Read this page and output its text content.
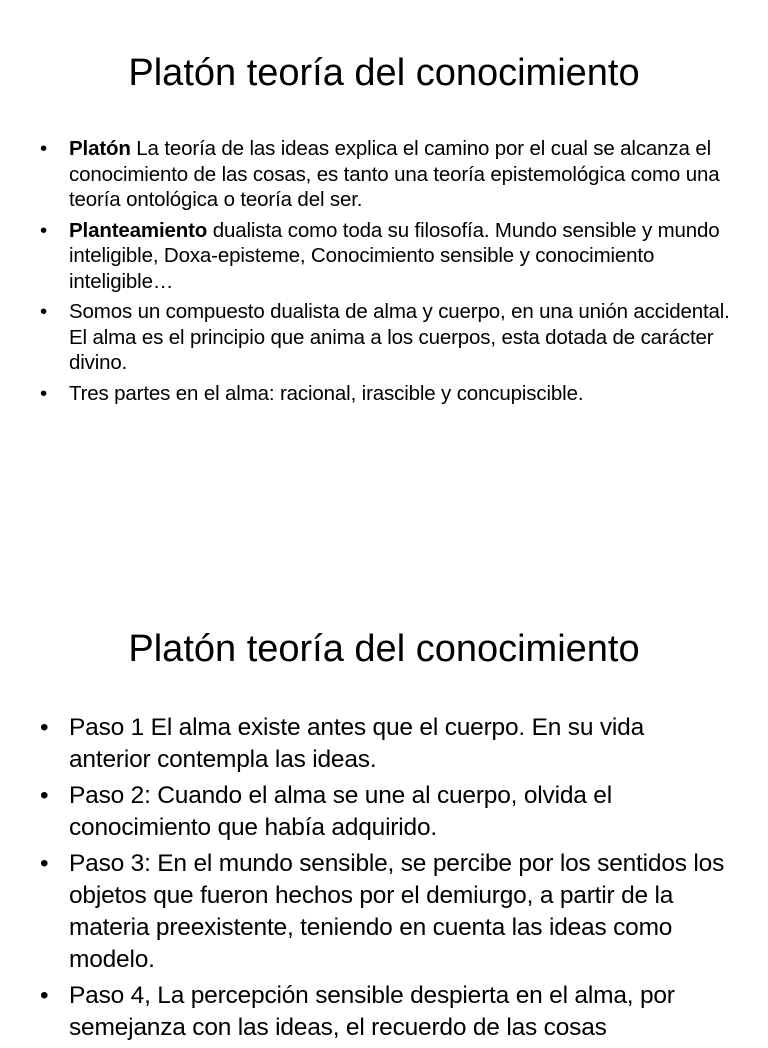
Platón teoría del conocimiento
• Platón La teoría de las ideas explica el camino por el cual se alcanza el conocimiento de las cosas, es tanto una teoría epistemológica como una teoría ontológica o teoría del ser.
• Planteamiento dualista como toda su filosofía. Mundo sensible y mundo inteligible, Doxa-episteme, Conocimiento sensible y conocimiento inteligible…
• Somos un compuesto dualista de alma y cuerpo, en una unión accidental. El alma es el principio que anima a los cuerpos, esta dotada de carácter divino.
• Tres partes en el alma: racional, irascible y concupiscible.
Platón teoría del conocimiento
• Paso 1 El alma existe antes que el cuerpo. En su vida anterior contempla las ideas.
• Paso 2: Cuando el alma se une al cuerpo, olvida el conocimiento que había adquirido.
• Paso 3: En el mundo sensible, se percibe por los sentidos los objetos que fueron hechos por el demiurgo, a partir de la materia preexistente, teniendo en cuenta las ideas como modelo.
• Paso 4, La percepción sensible despierta en el alma, por semejanza con las ideas, el recuerdo de las cosas
